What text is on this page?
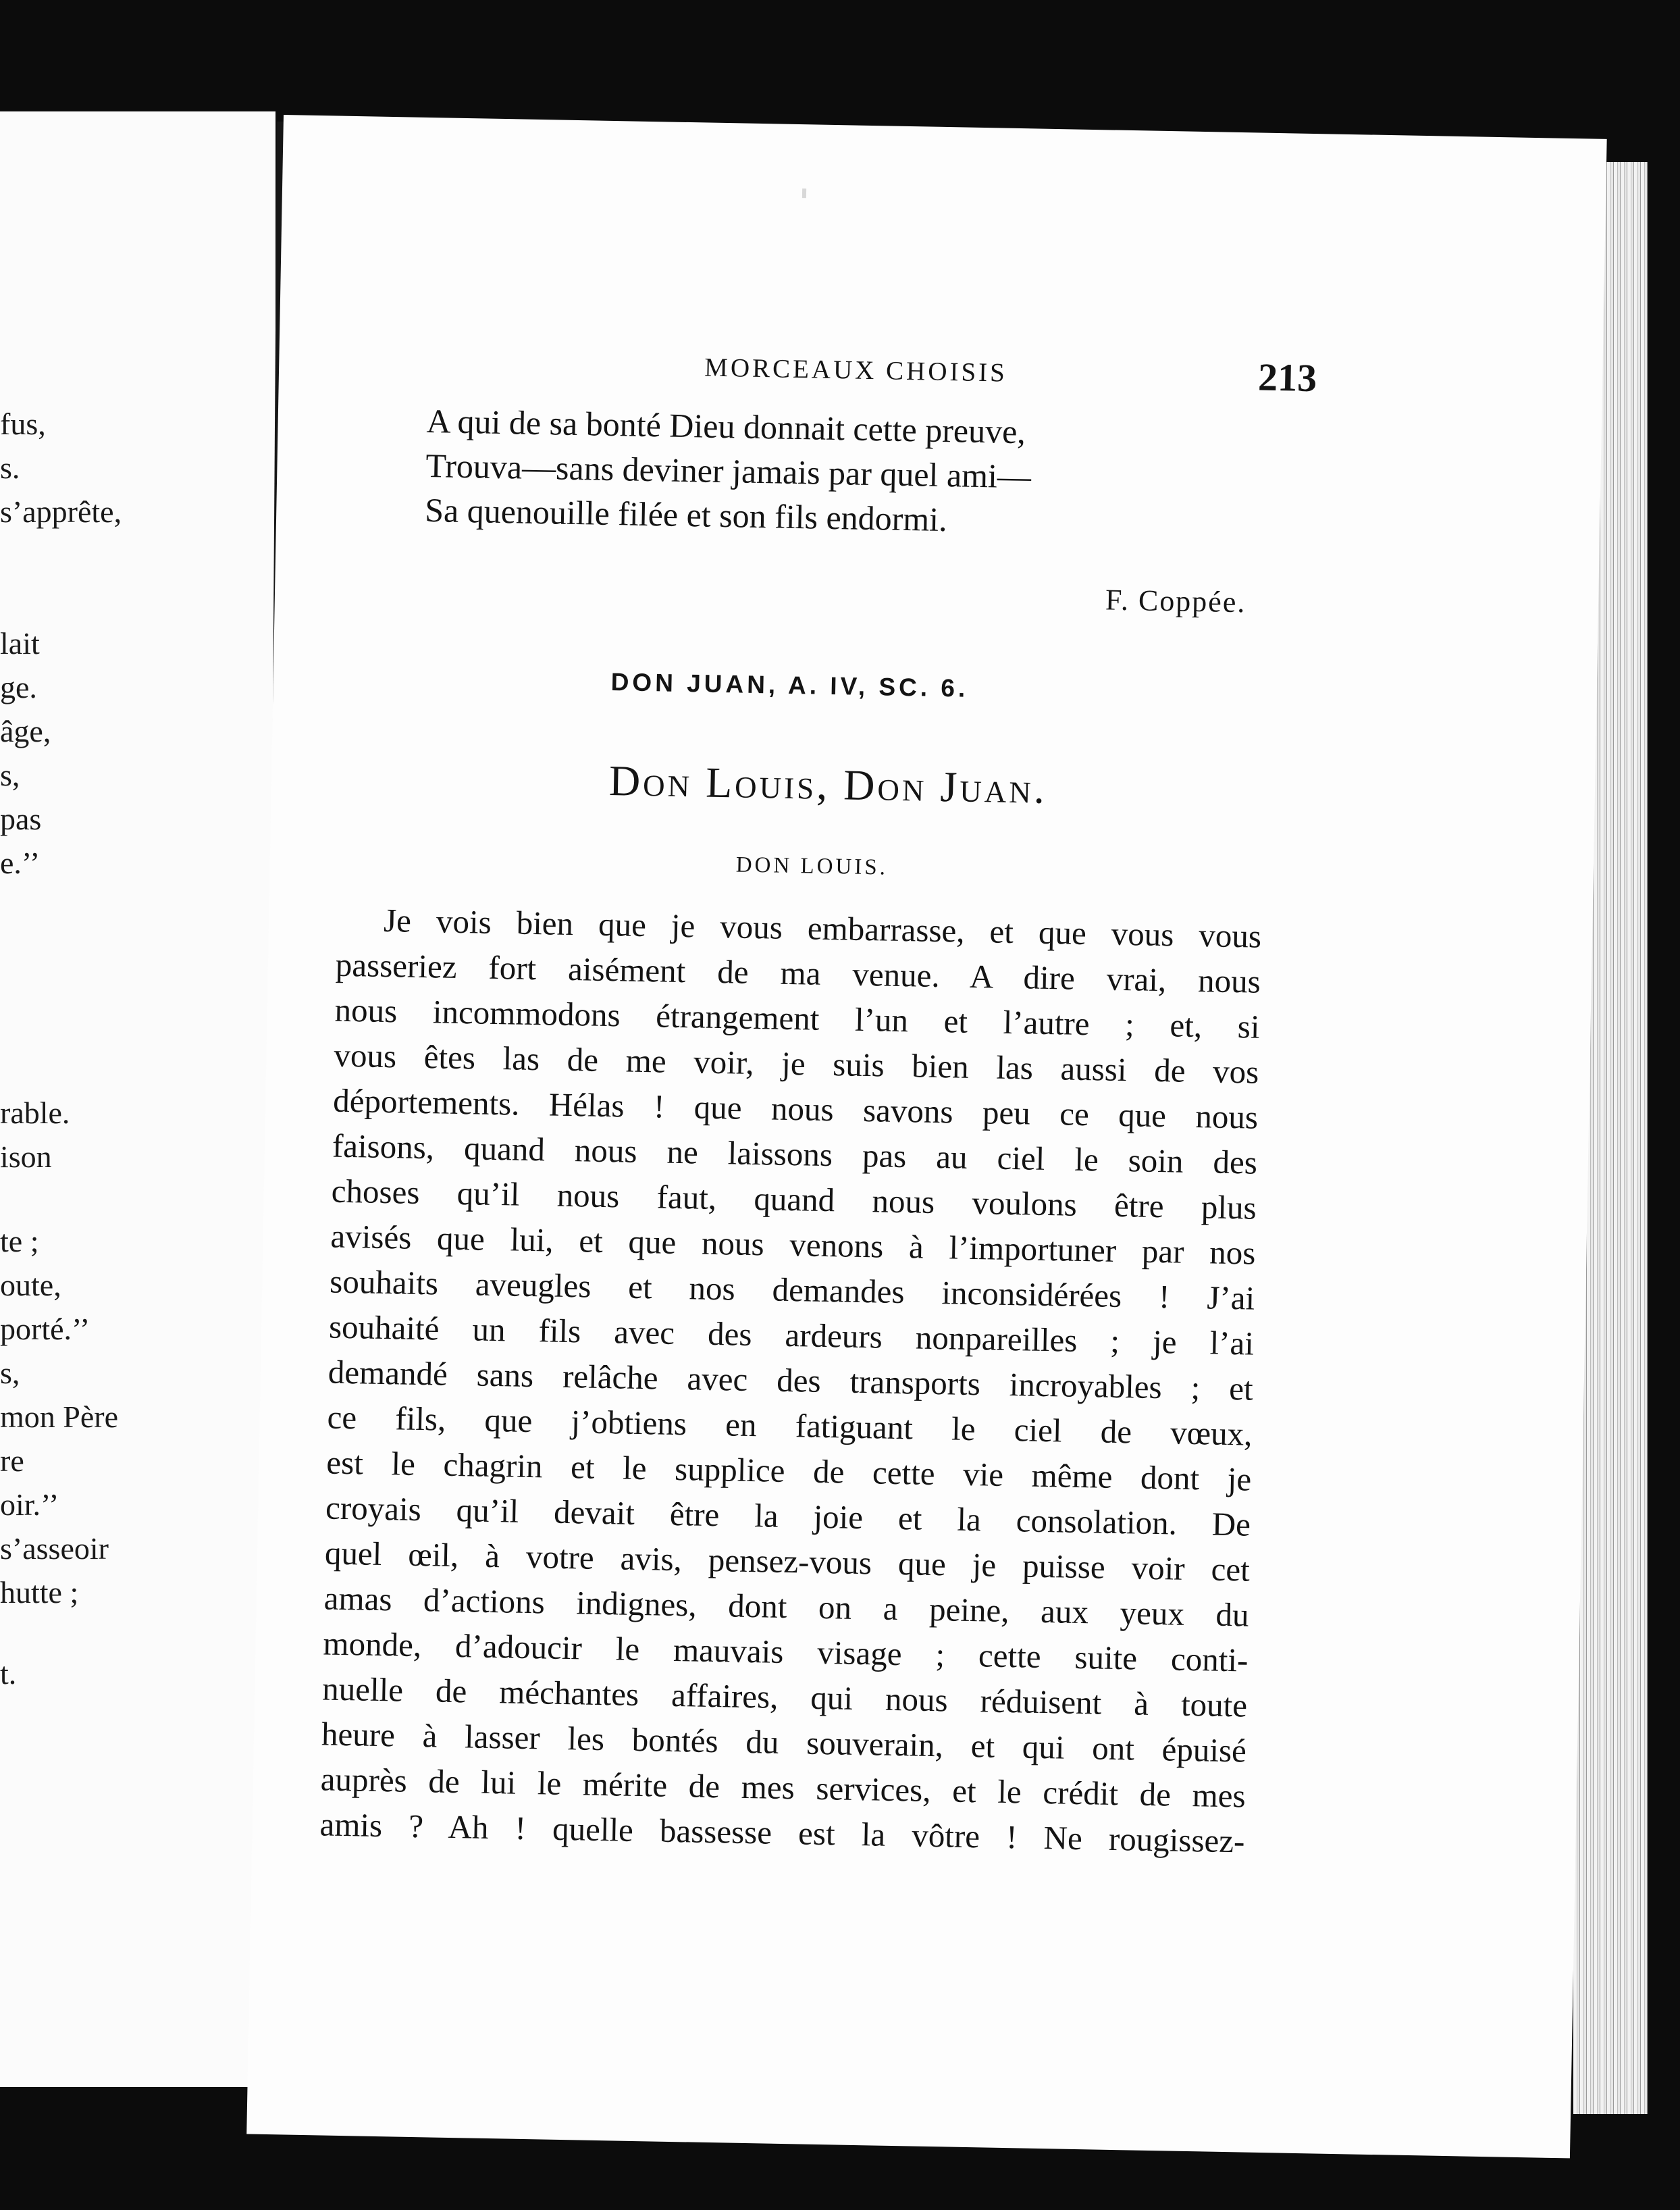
fus,
s.
s’apprête,
lait
ge.
âge,
s,
pas
e.’’
rable.
ison
te ;
oute,
porté.’’
s,
mon Père
re
oir.’’
s’asseoir
hutte ;
t.
MORCEAUX CHOISIS	213
A qui de sa bonté Dieu donnait cette preuve,
Trouva—sans deviner jamais par quel ami—
Sa quenouille filée et son fils endormi.
F. Coppée.
DON JUAN, A. IV, SC. 6.
Don Louis, Don Juan.
DON LOUIS.
Je vois bien que je vous embarrasse, et que vous vous
passeriez fort aisément de ma venue. A dire vrai, nous
nous incommodons étrangement l’un et l’autre ; et, si
vous êtes las de me voir, je suis bien las aussi de vos
déportements. Hélas ! que nous savons peu ce que nous
faisons, quand nous ne laissons pas au ciel le soin des
choses qu’il nous faut, quand nous voulons être plus
avisés que lui, et que nous venons à l’importuner par nos
souhaits aveugles et nos demandes inconsidérées ! J’ai
souhaité un fils avec des ardeurs nonpareilles ; je l’ai
demandé sans relâche avec des transports incroyables ; et
ce fils, que j’obtiens en fatiguant le ciel de vœux,
est le chagrin et le supplice de cette vie même dont je
croyais qu’il devait être la joie et la consolation. De
quel œil, à votre avis, pensez-vous que je puisse voir cet
amas d’actions indignes, dont on a peine, aux yeux du
monde, d’adoucir le mauvais visage ; cette suite conti-
nuelle de méchantes affaires, qui nous réduisent à toute
heure à lasser les bontés du souverain, et qui ont épuisé
auprès de lui le mérite de mes services, et le crédit de mes
amis ? Ah ! quelle bassesse est la vôtre ! Ne rougissez-
